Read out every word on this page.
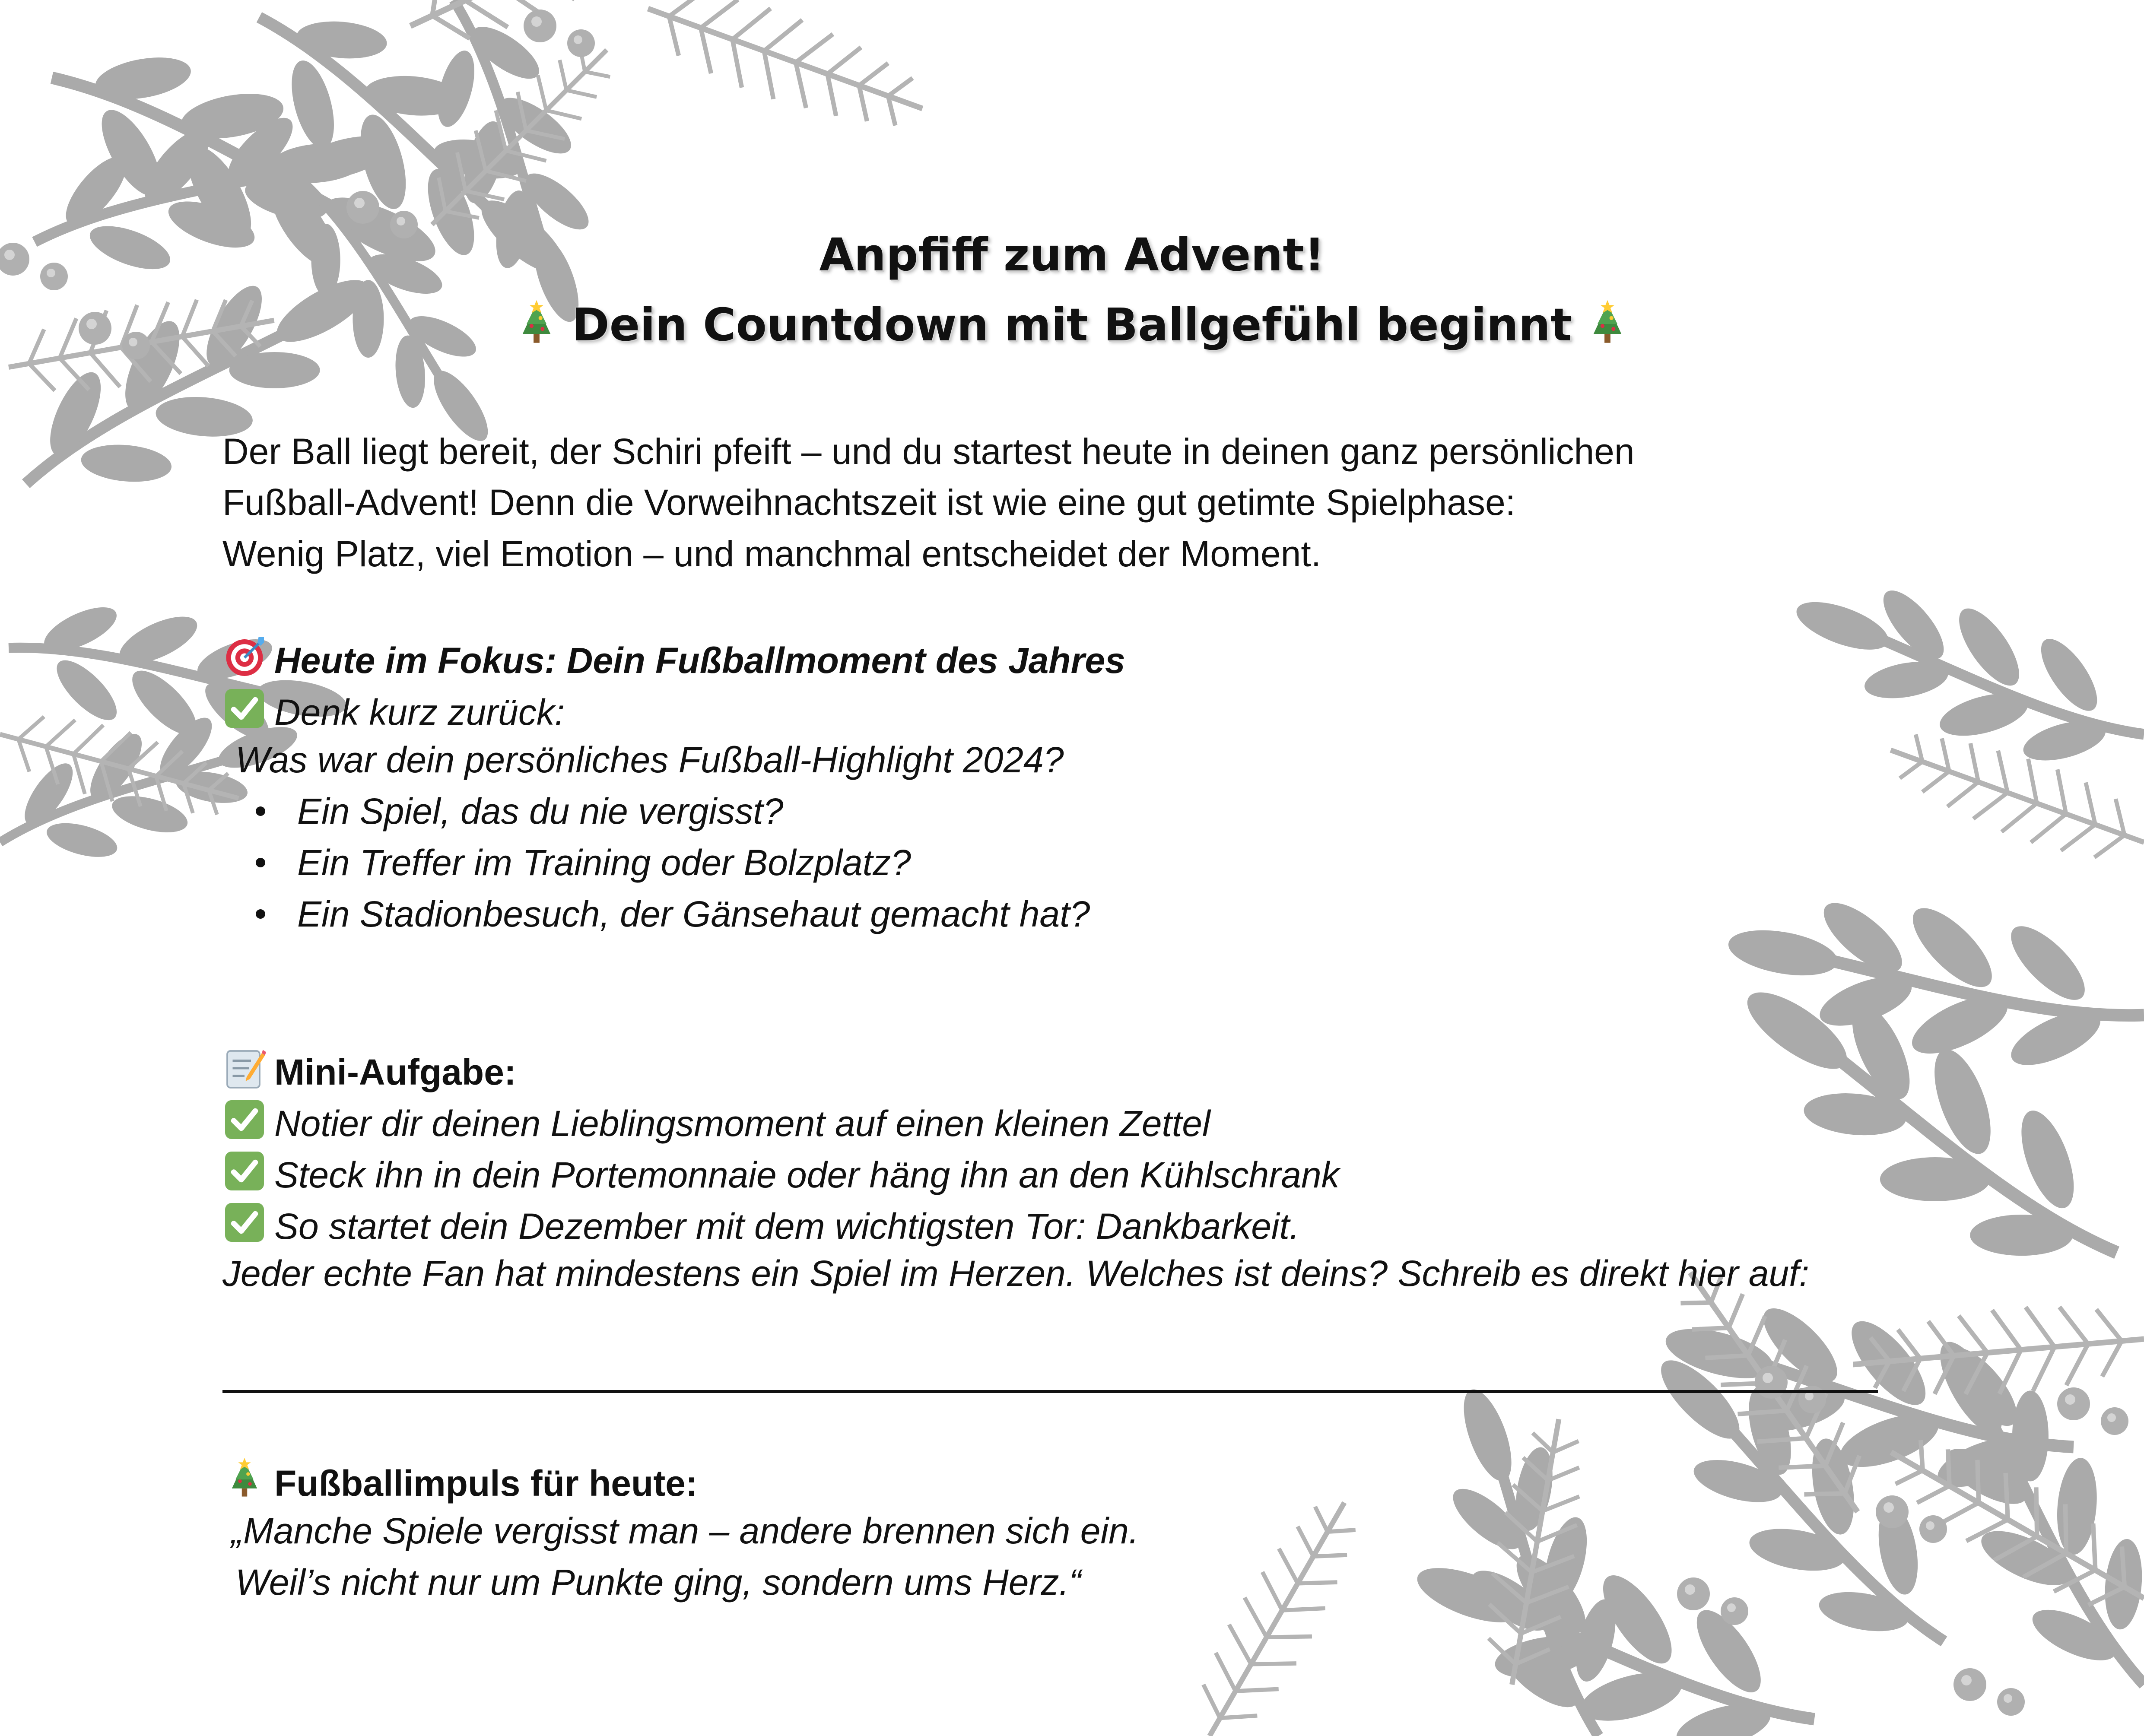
Anpfiff zum Advent!
Dein Countdown mit Ballgefühl beginnt
Der Ball liegt bereit, der Schiri pfeift – und du startest heute in deinen ganz persönlichen
Fußball-Advent! Denn die Vorweihnachtszeit ist wie eine gut getimte Spielphase:
Wenig Platz, viel Emotion – und manchmal entscheidet der Moment.
Heute im Fokus: Dein Fußballmoment des Jahres
Denk kurz zurück:
Was war dein persönliches Fußball-Highlight 2024?
Ein Spiel, das du nie vergisst?
Ein Treffer im Training oder Bolzplatz?
Ein Stadionbesuch, der Gänsehaut gemacht hat?
Mini-Aufgabe:
Notier dir deinen Lieblingsmoment auf einen kleinen Zettel
Steck ihn in dein Portemonnaie oder häng ihn an den Kühlschrank
So startet dein Dezember mit dem wichtigsten Tor: Dankbarkeit.
Jeder echte Fan hat mindestens ein Spiel im Herzen. Welches ist deins? Schreib es direkt hier auf:
Fußballimpuls für heute:
„Manche Spiele vergisst man – andere brennen sich ein.
Weil’s nicht nur um Punkte ging, sondern ums Herz.“
